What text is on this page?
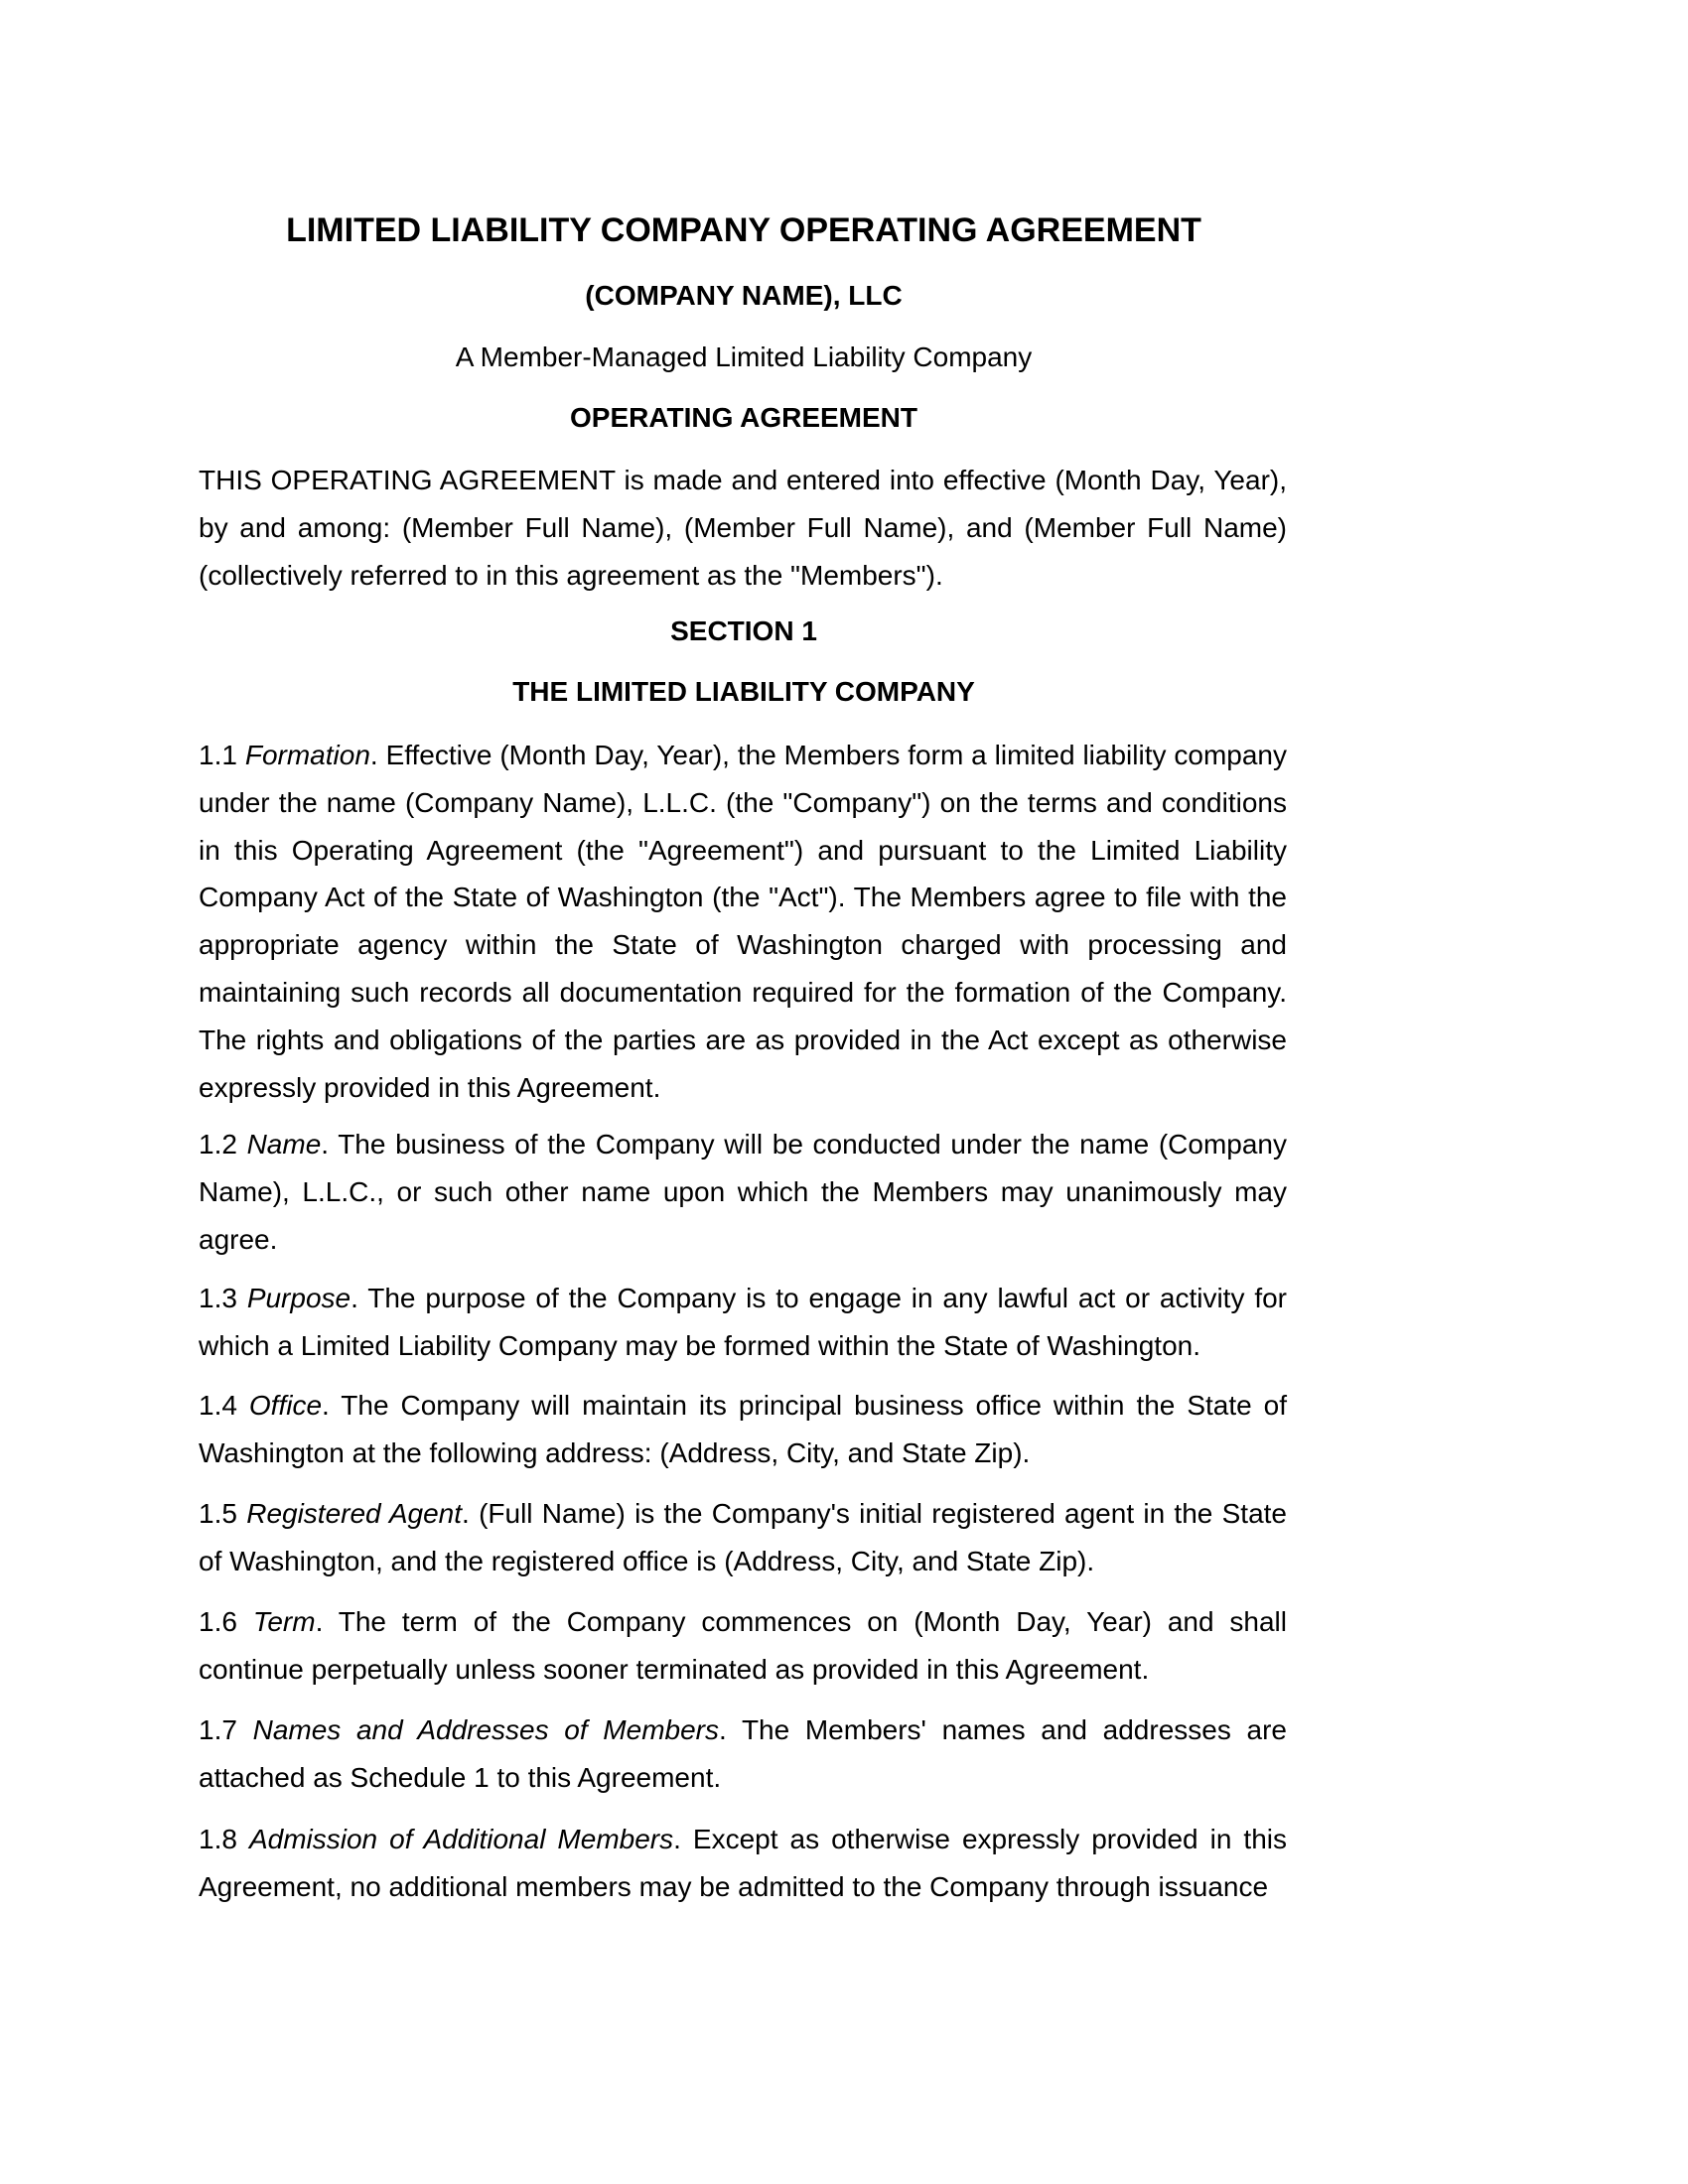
LIMITED LIABILITY COMPANY OPERATING AGREEMENT
(COMPANY NAME), LLC
A Member-Managed Limited Liability Company
OPERATING AGREEMENT

THIS OPERATING AGREEMENT is made and entered into effective (Month Day, Year), by and among: (Member Full Name), (Member Full Name), and (Member Full Name) (collectively referred to in this agreement as the "Members").

SECTION 1
THE LIMITED LIABILITY COMPANY

1.1 Formation. Effective (Month Day, Year), the Members form a limited liability company under the name (Company Name), L.L.C. (the "Company") on the terms and conditions in this Operating Agreement (the "Agreement") and pursuant to the Limited Liability Company Act of the State of Washington (the "Act"). The Members agree to file with the appropriate agency within the State of Washington charged with processing and maintaining such records all documentation required for the formation of the Company. The rights and obligations of the parties are as provided in the Act except as otherwise expressly provided in this Agreement.

1.2 Name. The business of the Company will be conducted under the name (Company Name), L.L.C., or such other name upon which the Members may unanimously may agree.

1.3 Purpose. The purpose of the Company is to engage in any lawful act or activity for which a Limited Liability Company may be formed within the State of Washington.

1.4 Office. The Company will maintain its principal business office within the State of Washington at the following address: (Address, City, and State Zip).

1.5 Registered Agent. (Full Name) is the Company's initial registered agent in the State of Washington, and the registered office is (Address, City, and State Zip).

1.6 Term. The term of the Company commences on (Month Day, Year) and shall continue perpetually unless sooner terminated as provided in this Agreement.

1.7 Names and Addresses of Members. The Members' names and addresses are attached as Schedule 1 to this Agreement.

1.8 Admission of Additional Members. Except as otherwise expressly provided in this Agreement, no additional members may be admitted to the Company through issuance
